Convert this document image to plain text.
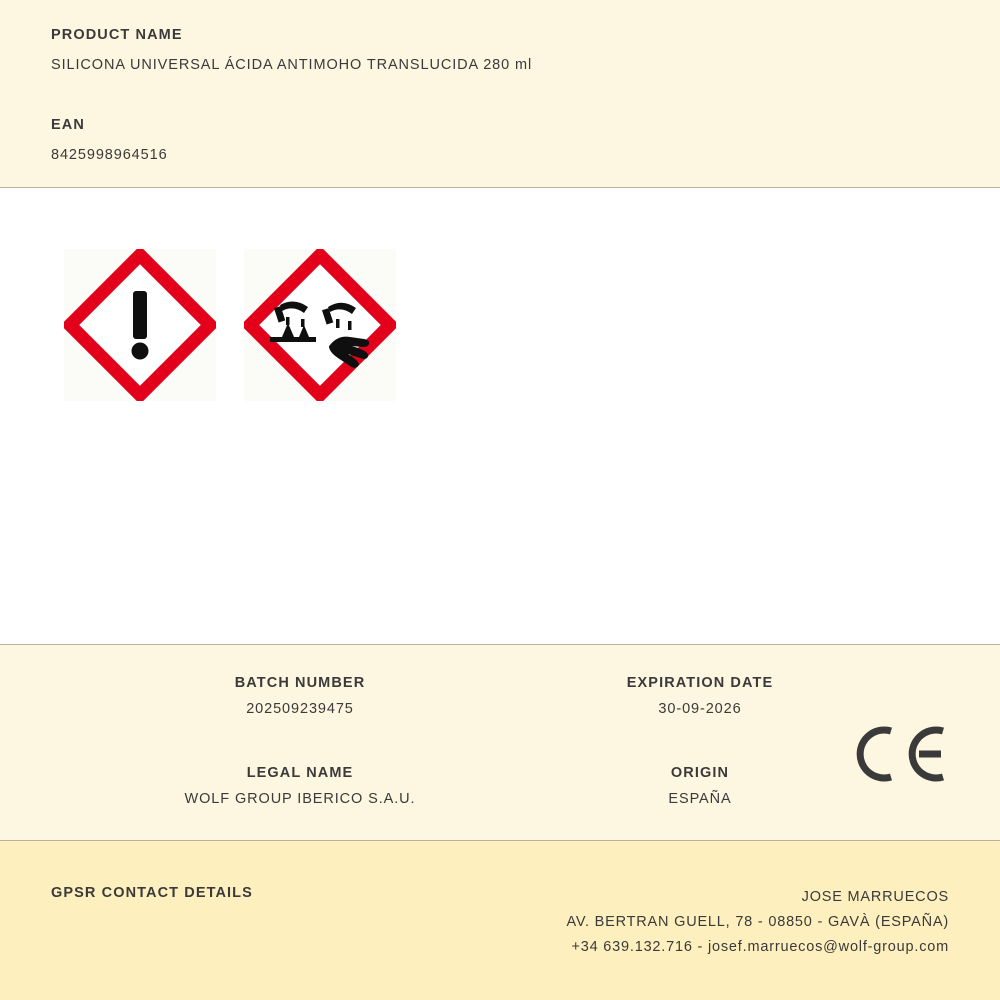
PRODUCT NAME
SILICONA UNIVERSAL ÁCIDA ANTIMOHO TRANSLUCIDA 280 ml
EAN
8425998964516
BATCH NUMBER
202509239475
EXPIRATION DATE
30-09-2026
LEGAL NAME
WOLF GROUP IBERICO S.A.U.
ORIGIN
ESPAÑA
GPSR CONTACT DETAILS	JOSE MARRUECOS
AV. BERTRAN GUELL, 78 - 08850 - GAVÀ (ESPAÑA)
+34 639.132.716 - josef.marruecos@wolf-group.com
